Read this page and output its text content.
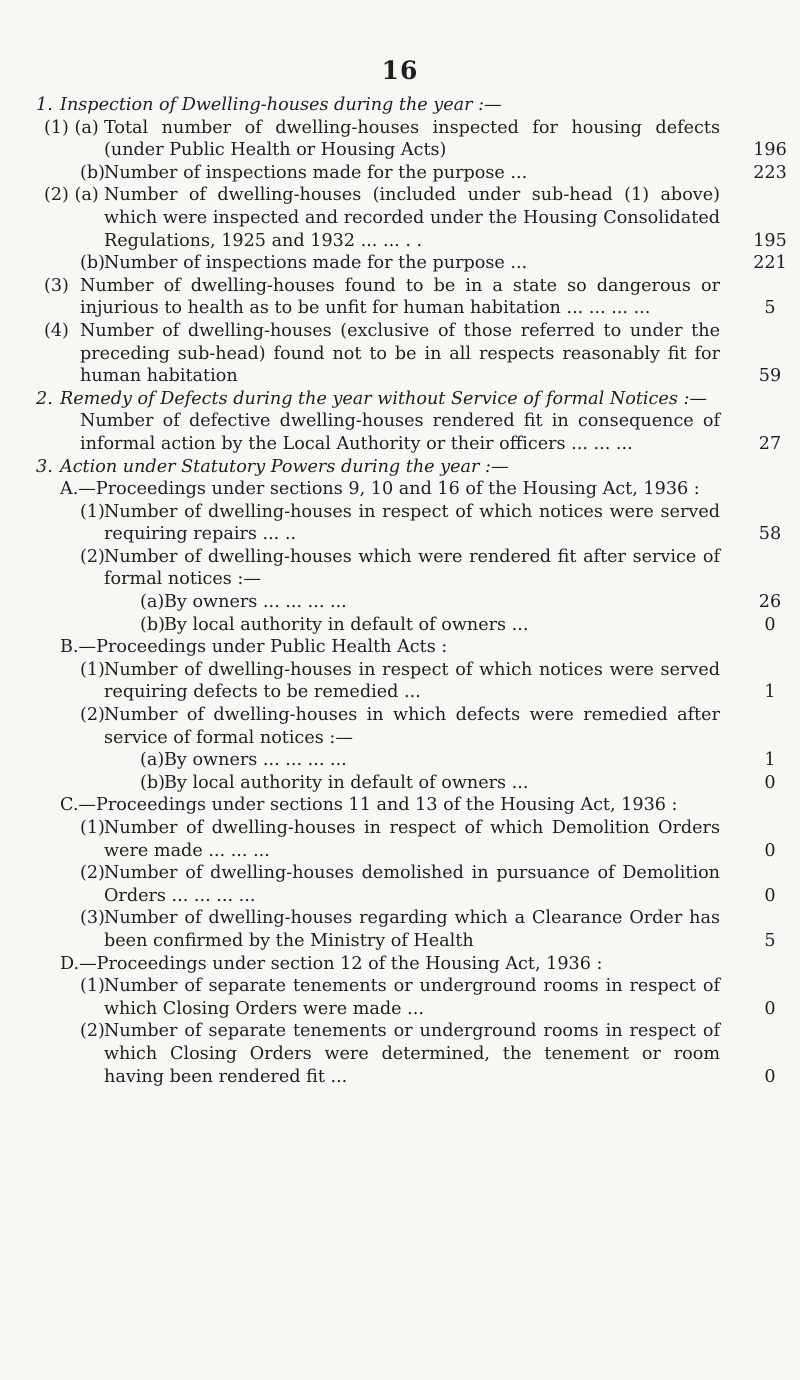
16
1. Inspection of Dwelling-houses during the year :—
(1) (a) Total number of dwelling-houses inspected for housing defects (under Public Health or Housing Acts)	196
(b) Number of inspections made for the purpose ...	223
(2) (a) Number of dwelling-houses (included under sub-head (1) above) which were inspected and recorded under the Housing Consolidated Regulations, 1925 and 1932 ... ... . .	195
(b) Number of inspections made for the purpose ...	221
(3) Number of dwelling-houses found to be in a state so dangerous or injurious to health as to be unfit for human habitation ... ... ... ...	5
(4) Number of dwelling-houses (exclusive of those referred to under the preceding sub-head) found not to be in all respects reasonably fit for human habitation	59
2. Remedy of Defects during the year without Service of formal Notices :—
Number of defective dwelling-houses rendered fit in consequence of informal action by the Local Authority or their officers ... ... ...	27
3. Action under Statutory Powers during the year :—
A.—Proceedings under sections 9, 10 and 16 of the Housing Act, 1936 :
(1) Number of dwelling-houses in respect of which notices were served requiring repairs ... ..	58
(2) Number of dwelling-houses which were rendered fit after service of formal notices :—
(a) By owners ... ... ... ...	26
(b) By local authority in default of owners ...	0
B.—Proceedings under Public Health Acts :
(1) Number of dwelling-houses in respect of which notices were served requiring defects to be remedied ...	1
(2) Number of dwelling-houses in which defects were remedied after service of formal notices :—
(a) By owners ... ... ... ...	1
(b) By local authority in default of owners ...	0
C.—Proceedings under sections 11 and 13 of the Housing Act, 1936 :
(1) Number of dwelling-houses in respect of which Demolition Orders were made ... ... ...	0
(2) Number of dwelling-houses demolished in pursuance of Demolition Orders ... ... ... ...	0
(3) Number of dwelling-houses regarding which a Clearance Order has been confirmed by the Ministry of Health	5
D.—Proceedings under section 12 of the Housing Act, 1936 :
(1) Number of separate tenements or underground rooms in respect of which Closing Orders were made ...	0
(2) Number of separate tenements or underground rooms in respect of which Closing Orders were determined, the tenement or room having been rendered fit ...	0
